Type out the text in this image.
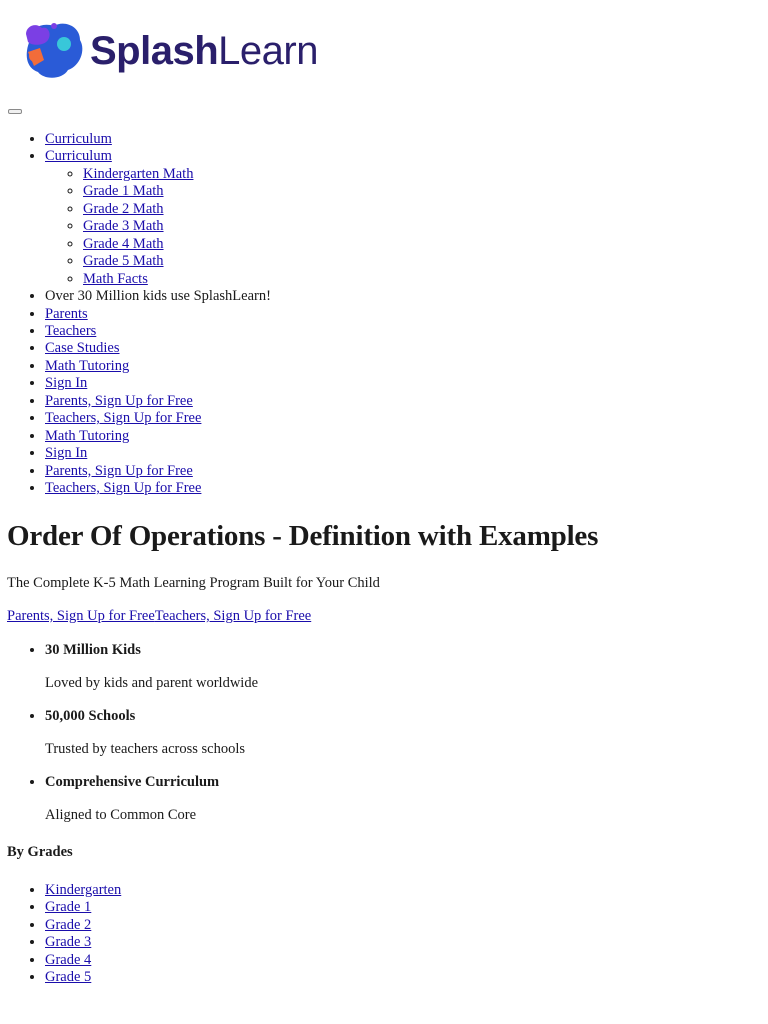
SplashLearn
• Curriculum
• Curriculum
◦ Kindergarten Math
◦ Grade 1 Math
◦ Grade 2 Math
◦ Grade 3 Math
◦ Grade 4 Math
◦ Grade 5 Math
◦ Math Facts
• Over 30 Million kids use SplashLearn!
• Parents
• Teachers
• Case Studies
• Math Tutoring
• Sign In
• Parents, Sign Up for Free
• Teachers, Sign Up for Free
• Math Tutoring
• Sign In
• Parents, Sign Up for Free
• Teachers, Sign Up for Free
Order Of Operations - Definition with Examples

The Complete K-5 Math Learning Program Built for Your Child

Parents, Sign Up for FreeTeachers, Sign Up for Free
• 30 Million Kids
Loved by kids and parent worldwide
• 50,000 Schools
Trusted by teachers across schools
• Comprehensive Curriculum
Aligned to Common Core

By Grades

• Kindergarten
• Grade 1
• Grade 2
• Grade 3
• Grade 4
• Grade 5
